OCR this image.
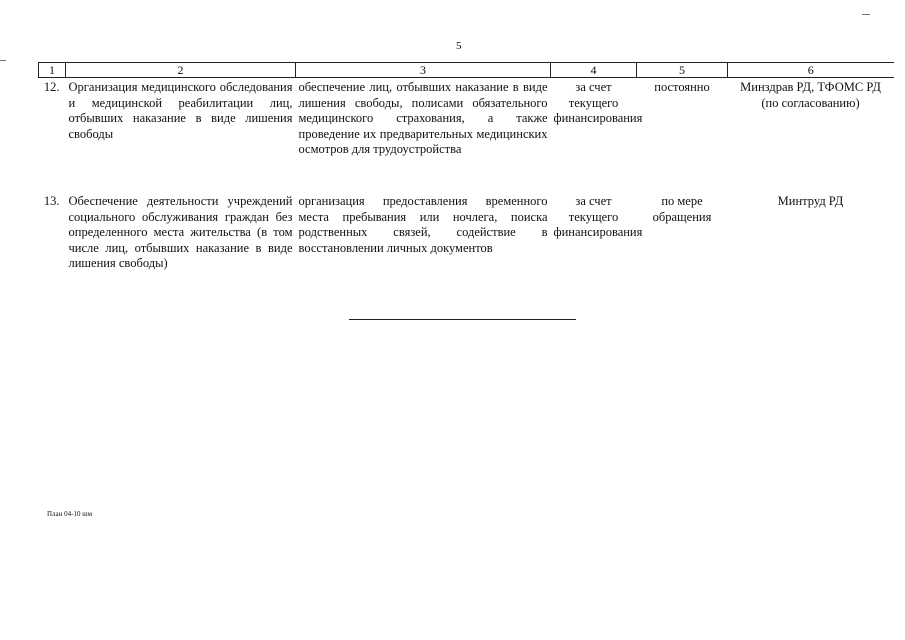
5
1	2	3	4	5	6
12.	Организация медицинского обследования и медицинской реабилитации лиц, отбывших наказание в виде лишения свободы	обеспечение лиц, отбывших наказание в виде лишения свободы, полисами обязательного медицинского страхования, а также проведение их предварительных медицинских осмотров для трудоустройства	за счет текущего финансирования	постоянно	Минздрав РД, ТФОМС РД (по согласованию)
13.	Обеспечение деятельности учреждений социального обслуживания граждан без определенного места жительства (в том числе лиц, отбывших наказание в виде лишения свободы)	организация предоставления временного места пребывания или ночлега, поиска родственных связей, содействие в восстановлении личных документов	за счет текущего финансирования	по мере обращения	Минтруд РД
План 04-10 шм
